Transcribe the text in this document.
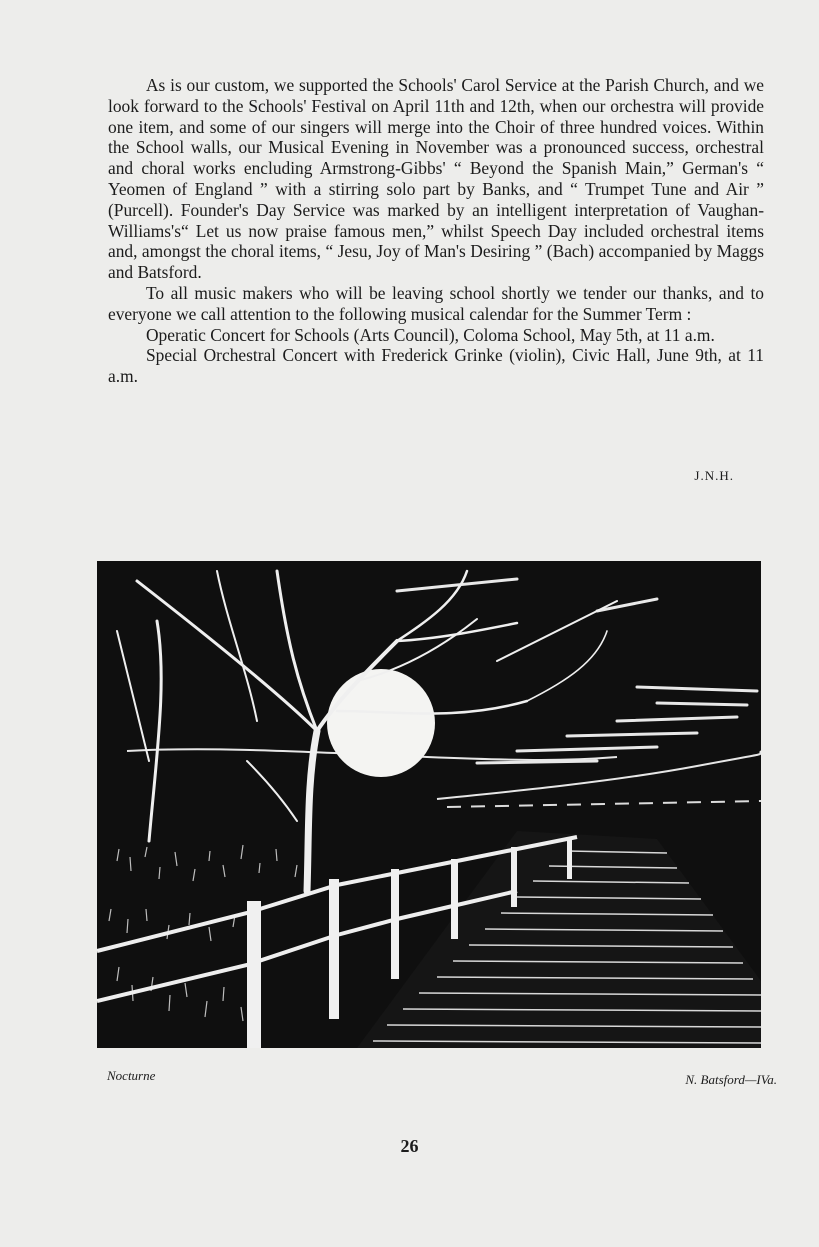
As is our custom, we supported the Schools' Carol Service at the Parish Church, and we look forward to the Schools' Festival on April 11th and 12th, when our orchestra will provide one item, and some of our singers will merge into the Choir of three hundred voices. Within the School walls, our Musical Evening in November was a pronounced success, orchestral and choral works encluding Armstrong-Gibbs' “ Beyond the Spanish Main,” German's “ Yeomen of England ” with a stirring solo part by Banks, and “ Trumpet Tune and Air ” (Purcell). Founder's Day Service was marked by an intelligent interpretation of Vaughan-Williams's“ Let us now praise famous men,” whilst Speech Day included orchestral items and, amongst the choral items, “ Jesu, Joy of Man's Desiring ” (Bach) accompanied by Maggs and Batsford.

To all music makers who will be leaving school shortly we tender our thanks, and to everyone we call attention to the following musical calendar for the Summer Term :

Operatic Concert for Schools (Arts Council), Coloma School, May 5th, at 11 a.m.

Special Orchestral Concert with Frederick Grinke (violin), Civic Hall, June 9th, at 11 a.m.

J.N.H.
Nocturne	N. Batsford—IVa.
26
